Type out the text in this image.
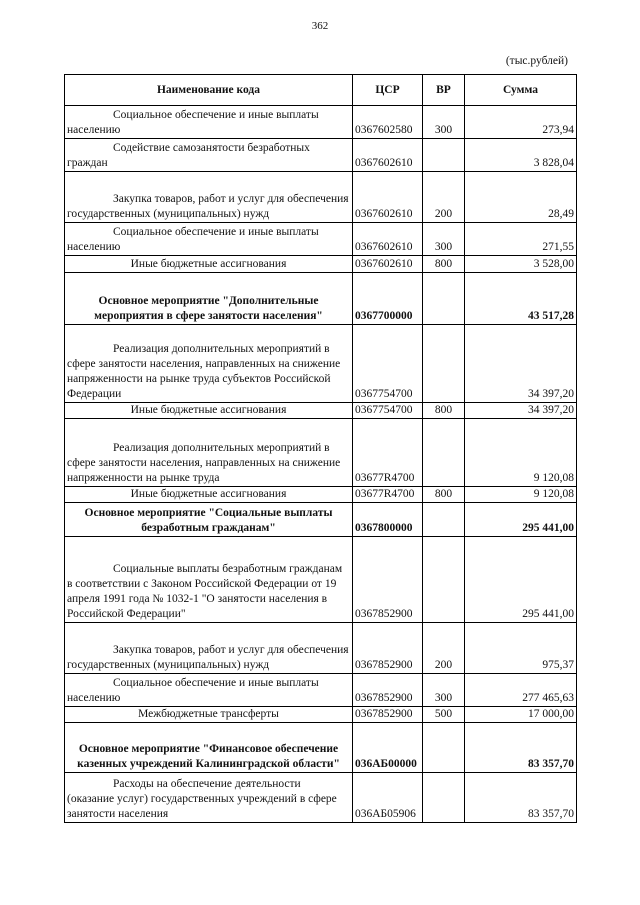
362
(тыс.рублей)
Наименование кода	ЦСР	ВР	Сумма
Социальное обеспечение и иные выплаты населению	0367602580	300	273,94
Содействие самозанятости безработных граждан	0367602610		3 828,04
Закупка товаров, работ и услуг для обеспечения государственных (муниципальных) нужд	0367602610	200	28,49
Социальное обеспечение и иные выплаты населению	0367602610	300	271,55
Иные бюджетные ассигнования	0367602610	800	3 528,00
Основное мероприятие "Дополнительные мероприятия в сфере занятости населения"	0367700000		43 517,28
Реализация дополнительных мероприятий в сфере занятости населения, направленных на снижение напряженности на рынке труда субъектов Российской Федерации	0367754700		34 397,20
Иные бюджетные ассигнования	0367754700	800	34 397,20
Реализация дополнительных мероприятий в сфере занятости населения, направленных на снижение напряженности на рынке труда	03677R4700		9 120,08
Иные бюджетные ассигнования	03677R4700	800	9 120,08
Основное мероприятие "Социальные выплаты безработным гражданам"	0367800000		295 441,00
Социальные выплаты безработным гражданам в соответствии с Законом Российской Федерации от 19 апреля 1991 года № 1032-1 "О занятости населения в Российской Федерации"	0367852900		295 441,00
Закупка товаров, работ и услуг для обеспечения государственных (муниципальных) нужд	0367852900	200	975,37
Социальное обеспечение и иные выплаты населению	0367852900	300	277 465,63
Межбюджетные трансферты	0367852900	500	17 000,00
Основное мероприятие "Финансовое обеспечение казенных учреждений Калининградской области"	036АБ00000		83 357,70
Расходы на обеспечение деятельности (оказание услуг) государственных учреждений в сфере занятости населения	036АБ05906		83 357,70
